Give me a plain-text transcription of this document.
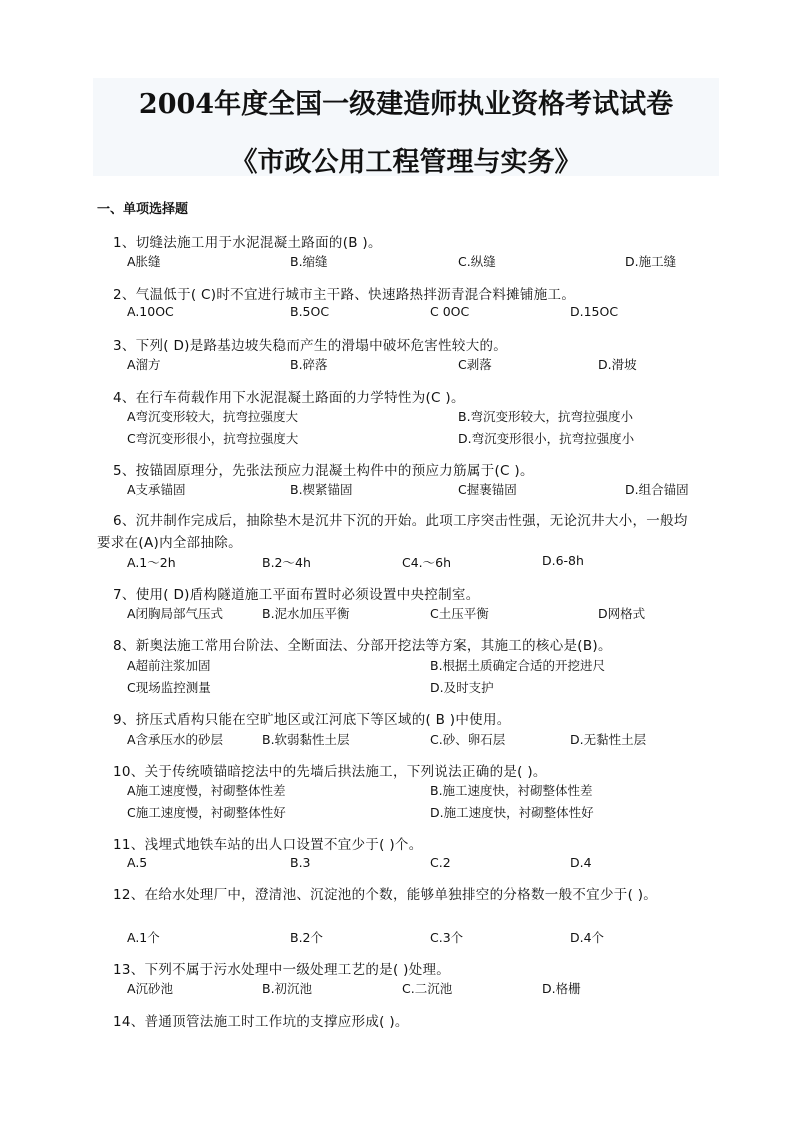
2004年度全国一级建造师执业资格考试试卷
《市政公用工程管理与实务》
一、单项选择题
1、切缝法施工用于水泥混凝土路面的(B )。
A胀缝	B.缩缝	C.纵缝	D.施工缝
2、气温低于( C)时不宜进行城市主干路、快速路热拌沥青混合料摊铺施工。
A.10OC	B.5OC	C 0OC	D.15OC
3、下列( D)是路基边坡失稳而产生的滑塌中破坏危害性较大的。
A溜方	B.碎落	C剥落	D.滑坡
4、在行车荷载作用下水泥混凝土路面的力学特性为(C )。
A弯沉变形较大，抗弯拉强度大	B.弯沉变形较大，抗弯拉强度小
C弯沉变形很小，抗弯拉强度大	D.弯沉变形很小，抗弯拉强度小
5、按锚固原理分，先张法预应力混凝土构件中的预应力筋属于(C )。
A支承锚固	B.楔紧锚固	C握裹锚固	D.组合锚固
6、沉井制作完成后，抽除垫木是沉井下沉的开始。此项工序突击性强，无论沉井大小，一般均要求在(A)内全部抽除。
A.1～2h	B.2～4h	C4.～6h	D.6-8h
7、使用( D)盾构隧道施工平面布置时必须设置中央控制室。
A闭胸局部气压式	B.泥水加压平衡	C土压平衡	D网格式
8、新奥法施工常用台阶法、全断面法、分部开挖法等方案，其施工的核心是(B)。
A超前注浆加固	B.根据土质确定合适的开挖进尺
C现场监控测量	D.及时支护
9、挤压式盾构只能在空旷地区或江河底下等区域的( B )中使用。
A含承压水的砂层	B.软弱黏性土层	C.砂、卵石层	D.无黏性土层
10、关于传统喷锚暗挖法中的先墙后拱法施工，下列说法正确的是( )。
A施工速度慢，衬砌整体性差	B.施工速度快，衬砌整体性差
C施工速度慢，衬砌整体性好	D.施工速度快，衬砌整体性好
11、浅埋式地铁车站的出人口设置不宜少于( )个。
A.5	B.3	C.2	D.4
12、在给水处理厂中，澄清池、沉淀池的个数，能够单独排空的分格数一般不宜少于( )。
A.1个	B.2个	C.3个	D.4个
13、下列不属于污水处理中一级处理工艺的是( )处理。
A沉砂池	B.初沉池	C.二沉池	D.格栅
14、普通顶管法施工时工作坑的支撑应形成( )。
